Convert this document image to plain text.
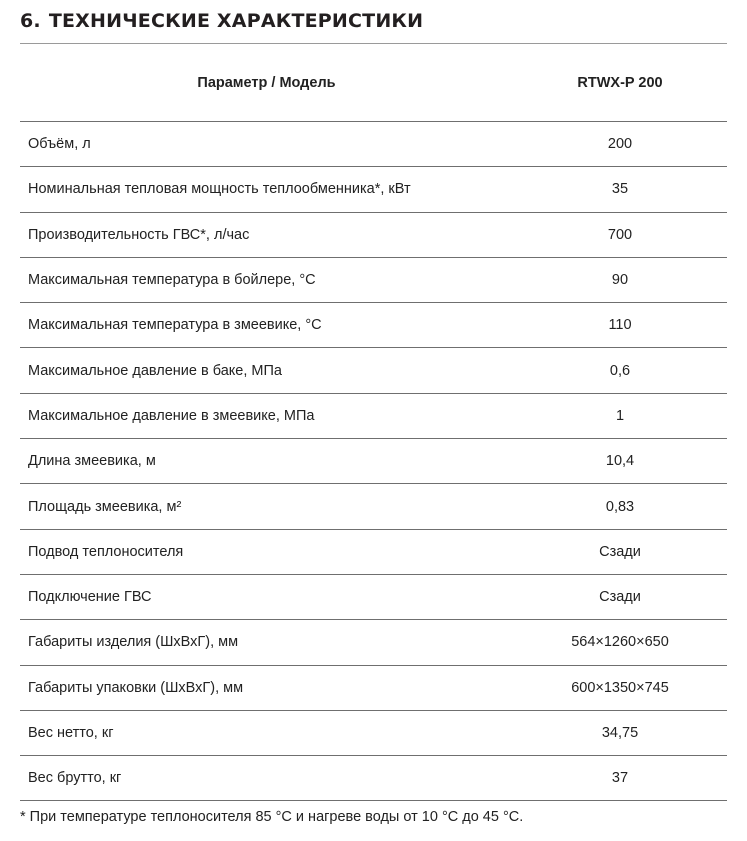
6. ТЕХНИЧЕСКИЕ ХАРАКТЕРИСТИКИ
Параметр / Модель	RTWX-P 200
Объём, л	200
Номинальная тепловая мощность теплообменника*, кВт	35
Производительность ГВС*, л/час	700
Максимальная температура в бойлере, °С	90
Максимальная температура в змеевике, °С	110
Максимальное давление в баке, МПа	0,6
Максимальное давление в змеевике, МПа	1
Длина змеевика, м	10,4
Площадь змеевика, м²	0,83
Подвод теплоносителя	Сзади
Подключение ГВС	Сзади
Габариты изделия (ШхВхГ), мм	564×1260×650
Габариты упаковки (ШхВхГ), мм	600×1350×745
Вес нетто, кг	34,75
Вес брутто, кг	37
* При температуре теплоносителя 85 °С и нагреве воды от 10 °С до 45 °С.
